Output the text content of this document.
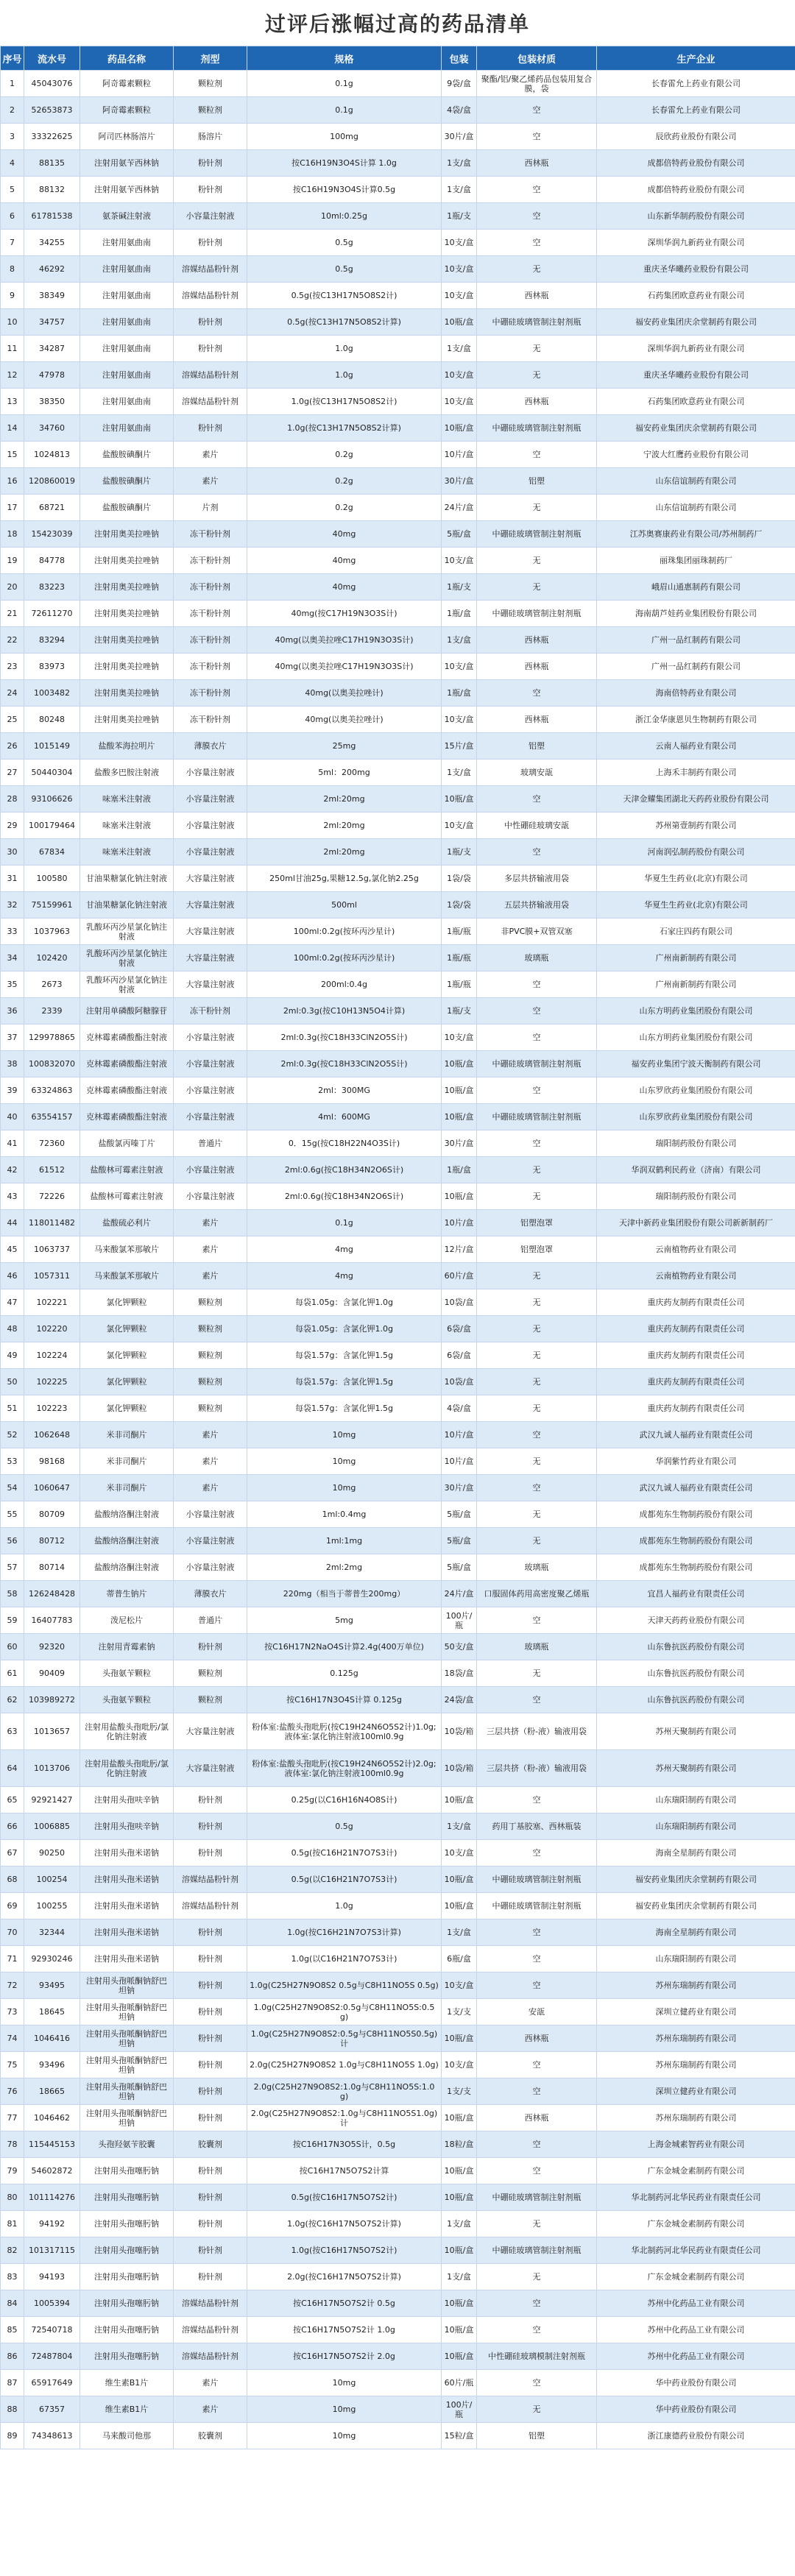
过评后涨幅过高的药品清单
序号	流水号	药品名称	剂型	规格	包装	包装材质	生产企业
1	45043076	阿奇霉素颗粒	颗粒剂	0.1g	9袋/盒	聚酯/铝/聚乙烯药品包装用复合膜，袋	长春雷允上药业有限公司
2	52653873	阿奇霉素颗粒	颗粒剂	0.1g	4袋/盒	空	长春雷允上药业有限公司
3	33322625	阿司匹林肠溶片	肠溶片	100mg	30片/盒	空	辰欣药业股份有限公司
4	88135	注射用氨苄西林钠	粉针剂	按C16H19N3O4S计算 1.0g	1支/盒	西林瓶	成都倍特药业股份有限公司
5	88132	注射用氨苄西林钠	粉针剂	按C16H19N3O4S计算0.5g	1支/盒	空	成都倍特药业股份有限公司
6	61781538	氨茶碱注射液	小容量注射液	10ml:0.25g	1瓶/支	空	山东新华制药股份有限公司
7	34255	注射用氨曲南	粉针剂	0.5g	10支/盒	空	深圳华润九新药业有限公司
8	46292	注射用氨曲南	溶媒结晶粉针剂	0.5g	10支/盒	无	重庆圣华曦药业股份有限公司
9	38349	注射用氨曲南	溶媒结晶粉针剂	0.5g(按C13H17N5O8S2计)	10支/盒	西林瓶	石药集团欧意药业有限公司
10	34757	注射用氨曲南	粉针剂	0.5g(按C13H17N5O8S2计算)	10瓶/盒	中硼硅玻璃管制注射剂瓶	福安药业集团庆余堂制药有限公司
11	34287	注射用氨曲南	粉针剂	1.0g	1支/盒	无	深圳华润九新药业有限公司
12	47978	注射用氨曲南	溶媒结晶粉针剂	1.0g	10支/盒	无	重庆圣华曦药业股份有限公司
13	38350	注射用氨曲南	溶媒结晶粉针剂	1.0g(按C13H17N5O8S2计)	10支/盒	西林瓶	石药集团欧意药业有限公司
14	34760	注射用氨曲南	粉针剂	1.0g(按C13H17N5O8S2计算)	10瓶/盒	中硼硅玻璃管制注射剂瓶	福安药业集团庆余堂制药有限公司
15	1024813	盐酸胺碘酮片	素片	0.2g	10片/盒	空	宁波大红鹰药业股份有限公司
16	120860019	盐酸胺碘酮片	素片	0.2g	30片/盒	铝塑	山东信谊制药有限公司
17	68721	盐酸胺碘酮片	片剂	0.2g	24片/盒	无	山东信谊制药有限公司
18	15423039	注射用奥美拉唑钠	冻干粉针剂	40mg	5瓶/盒	中硼硅玻璃管制注射剂瓶	江苏奥赛康药业有限公司/苏州制药厂
19	84778	注射用奥美拉唑钠	冻干粉针剂	40mg	10支/盒	无	丽珠集团丽珠制药厂
20	83223	注射用奥美拉唑钠	冻干粉针剂	40mg	1瓶/支	无	峨眉山通惠制药有限公司
21	72611270	注射用奥美拉唑钠	冻干粉针剂	40mg(按C17H19N3O3S计)	1瓶/盒	中硼硅玻璃管制注射剂瓶	海南葫芦娃药业集团股份有限公司
22	83294	注射用奥美拉唑钠	冻干粉针剂	40mg(以奥美拉唑C17H19N3O3S计)	1支/盒	西林瓶	广州一品红制药有限公司
23	83973	注射用奥美拉唑钠	冻干粉针剂	40mg(以奥美拉唑C17H19N3O3S计)	10支/盒	西林瓶	广州一品红制药有限公司
24	1003482	注射用奥美拉唑钠	冻干粉针剂	40mg(以奥美拉唑计)	1瓶/盒	空	海南倍特药业有限公司
25	80248	注射用奥美拉唑钠	冻干粉针剂	40mg(以奥美拉唑计)	10支/盒	西林瓶	浙江金华康恩贝生物制药有限公司
26	1015149	盐酸苯海拉明片	薄膜衣片	25mg	15片/盒	铝塑	云南人福药业有限公司
27	50440304	盐酸多巴胺注射液	小容量注射液	5ml：200mg	1支/盒	玻璃安瓿	上海禾丰制药有限公司
28	93106626	味塞米注射液	小容量注射液	2ml:20mg	10瓶/盒	空	天津金耀集团湖北天药药业股份有限公司
29	100179464	味塞米注射液	小容量注射液	2ml:20mg	10支/盒	中性硼硅玻璃安瓿	苏州第壹制药有限公司
30	67834	味塞米注射液	小容量注射液	2ml:20mg	1瓶/支	空	河南润弘制药股份有限公司
31	100580	甘油果糖氯化钠注射液	大容量注射液	250ml甘油25g,果糖12.5g,氯化钠2.25g	1袋/袋	多层共挤输液用袋	华夏生生药业(北京)有限公司
32	75159961	甘油果糖氯化钠注射液	大容量注射液	500ml	1袋/袋	五层共挤输液用袋	华夏生生药业(北京)有限公司
33	1037963	乳酸环丙沙星氯化钠注射液	大容量注射液	100ml:0.2g(按环丙沙星计)	1瓶/瓶	非PVC膜+双管双塞	石家庄四药有限公司
34	102420	乳酸环丙沙星氯化钠注射液	大容量注射液	100ml:0.2g(按环丙沙星计)	1瓶/瓶	玻璃瓶	广州南新制药有限公司
35	2673	乳酸环丙沙星氯化钠注射液	大容量注射液	200ml:0.4g	1瓶/瓶	空	广州南新制药有限公司
36	2339	注射用单磷酸阿糖腺苷	冻干粉针剂	2ml:0.3g(按C10H13N5O4计算)	1瓶/支	空	山东方明药业集团股份有限公司
37	129978865	克林霉素磷酸酯注射液	小容量注射液	2ml:0.3g(按C18H33ClN2O5S计)	10支/盒	空	山东方明药业集团股份有限公司
38	100832070	克林霉素磷酸酯注射液	小容量注射液	2ml:0.3g(按C18H33ClN2O5S计)	10瓶/盒	中硼硅玻璃管制注射剂瓶	福安药业集团宁波天衡制药有限公司
39	63324863	克林霉素磷酸酯注射液	小容量注射液	2ml：300MG	10瓶/盒	空	山东罗欣药业集团股份有限公司
40	63554157	克林霉素磷酸酯注射液	小容量注射液	4ml：600MG	10瓶/盒	中硼硅玻璃管制注射剂瓶	山东罗欣药业集团股份有限公司
41	72360	盐酸氯丙嗪丁片	普通片	0．15g(按C18H22N4O3S计)	30片/盒	空	瑞阳制药股份有限公司
42	61512	盐酸林可霉素注射液	小容量注射液	2ml:0.6g(按C18H34N2O6S计)	1瓶/盒	无	华润双鹤利民药业（济南）有限公司
43	72226	盐酸林可霉素注射液	小容量注射液	2ml:0.6g(按C18H34N2O6S计)	10瓶/盒	无	瑞阳制药股份有限公司
44	118011482	盐酸硫必利片	素片	0.1g	10片/盒	铝塑泡罩	天津中新药业集团股份有限公司新新制药厂
45	1063737	马来酸氯苯那敏片	素片	4mg	12片/盒	铝塑泡罩	云南植物药业有限公司
46	1057311	马来酸氯苯那敏片	素片	4mg	60片/盒	无	云南植物药业有限公司
47	102221	氯化钾颗粒	颗粒剂	每袋1.05g：含氯化钾1.0g	10袋/盒	无	重庆药友制药有限责任公司
48	102220	氯化钾颗粒	颗粒剂	每袋1.05g：含氯化钾1.0g	6袋/盒	无	重庆药友制药有限责任公司
49	102224	氯化钾颗粒	颗粒剂	每袋1.57g：含氯化钾1.5g	6袋/盒	无	重庆药友制药有限责任公司
50	102225	氯化钾颗粒	颗粒剂	每袋1.57g：含氯化钾1.5g	10袋/盒	无	重庆药友制药有限责任公司
51	102223	氯化钾颗粒	颗粒剂	每袋1.57g：含氯化钾1.5g	4袋/盒	无	重庆药友制药有限责任公司
52	1062648	米非司酮片	素片	10mg	10片/盒	空	武汉九诚人福药业有限责任公司
53	98168	米非司酮片	素片	10mg	10片/盒	无	华润紫竹药业有限公司
54	1060647	米非司酮片	素片	10mg	30片/盒	空	武汉九诚人福药业有限责任公司
55	80709	盐酸纳洛酮注射液	小容量注射液	1ml:0.4mg	5瓶/盒	无	成都苑东生物制药股份有限公司
56	80712	盐酸纳洛酮注射液	小容量注射液	1ml:1mg	5瓶/盒	无	成都苑东生物制药股份有限公司
57	80714	盐酸纳洛酮注射液	小容量注射液	2ml:2mg	5瓶/盒	玻璃瓶	成都苑东生物制药股份有限公司
58	126248428	蒂普生钠片	薄膜衣片	220mg（相当于蒂普生200mg）	24片/盒	口服固体药用高密度聚乙烯瓶	宜昌人福药业有限责任公司
59	16407783	泼尼松片	普通片	5mg	100片/瓶	空	天津天药药业股份有限公司
60	92320	注射用青霉素钠	粉针剂	按C16H17N2NaO4S计算2.4g(400万单位)	50支/盒	玻璃瓶	山东鲁抗医药股份有限公司
61	90409	头孢氨苄颗粒	颗粒剂	0.125g	18袋/盒	无	山东鲁抗医药股份有限公司
62	103989272	头孢氨苄颗粒	颗粒剂	按C16H17N3O4S计算 0.125g	24袋/盒	空	山东鲁抗医药股份有限公司
63	1013657	注射用盐酸头孢吡肟/氯化钠注射液	大容量注射液	粉体室:盐酸头孢吡肟(按C19H24N6O5S2计)1.0g;液体室:氯化钠注射液100ml0.9g	10袋/箱	三层共挤（粉-液）输液用袋	苏州天聚制药有限公司
64	1013706	注射用盐酸头孢吡肟/氯化钠注射液	大容量注射液	粉体室:盐酸头孢吡肟(按C19H24N6O5S2计)2.0g;液体室:氯化钠注射液100ml0.9g	10袋/箱	三层共挤（粉-液）输液用袋	苏州天聚制药有限公司
65	92921427	注射用头孢呋辛钠	粉针剂	0.25g(以C16H16N4O8S计)	10瓶/盒	空	山东瑞阳制药有限公司
66	1006885	注射用头孢呋辛钠	粉针剂	0.5g	1支/盒	药用丁基胶塞、西林瓶装	山东瑞阳制药有限公司
67	90250	注射用头孢米诺钠	粉针剂	0.5g(按C16H21N7O7S3计)	10支/盒	空	海南全星制药有限公司
68	100254	注射用头孢米诺钠	溶媒结晶粉针剂	0.5g(以C16H21N7O7S3计)	10瓶/盒	中硼硅玻璃管制注射剂瓶	福安药业集团庆余堂制药有限公司
69	100255	注射用头孢米诺钠	溶媒结晶粉针剂	1.0g	10瓶/盒	中硼硅玻璃管制注射剂瓶	福安药业集团庆余堂制药有限公司
70	32344	注射用头孢米诺钠	粉针剂	1.0g(按C16H21N7O7S3计算)	1支/盒	空	海南全星制药有限公司
71	92930246	注射用头孢米诺钠	粉针剂	1.0g(以C16H21N7O7S3计)	6瓶/盒	空	山东瑞阳制药有限公司
72	93495	注射用头孢哌酮钠舒巴坦钠	粉针剂	1.0g(C25H27N9O8S2 0.5g与C8H11NO5S 0.5g)	10支/盒	空	苏州东瑞制药有限公司
73	18645	注射用头孢哌酮钠舒巴坦钠	粉针剂	1.0g(C25H27N9O8S2:0.5g与C8H11NO5S:0.5g)	1支/支	安瓿	深圳立健药业有限公司
74	1046416	注射用头孢哌酮钠舒巴坦钠	粉针剂	1.0g(C25H27N9O8S2:0.5g与C8H11NO5S0.5g)计	10瓶/盒	西林瓶	苏州东瑞制药有限公司
75	93496	注射用头孢哌酮钠舒巴坦钠	粉针剂	2.0g(C25H27N9O8S2 1.0g与C8H11NO5S 1.0g)	10支/盒	空	苏州东瑞制药有限公司
76	18665	注射用头孢哌酮钠舒巴坦钠	粉针剂	2.0g(C25H27N9O8S2:1.0g与C8H11NO5S:1.0g)	1支/支	空	深圳立健药业有限公司
77	1046462	注射用头孢哌酮钠舒巴坦钠	粉针剂	2.0g(C25H27N9O8S2:1.0g与C8H11NO5S1.0g)计	10瓶/盒	西林瓶	苏州东瑞制药有限公司
78	115445153	头孢羟氨苄胶囊	胶囊剂	按C16H17N3O5S计，0.5g	18粒/盒	空	上海金城素智药业有限公司
79	54602872	注射用头孢噻肟钠	粉针剂	按C16H17N5O7S2计算	10瓶/盒	空	广东金城金素制药有限公司
80	101114276	注射用头孢噻肟钠	粉针剂	0.5g(按C16H17N5O7S2计)	10瓶/盒	中硼硅玻璃管制注射剂瓶	华北制药河北华民药业有限责任公司
81	94192	注射用头孢噻肟钠	粉针剂	1.0g(按C16H17N5O7S2计算)	1支/盒	无	广东金城金素制药有限公司
82	101317115	注射用头孢噻肟钠	粉针剂	1.0g(按C16H17N5O7S2计)	10瓶/盒	中硼硅玻璃管制注射剂瓶	华北制药河北华民药业有限责任公司
83	94193	注射用头孢噻肟钠	粉针剂	2.0g(按C16H17N5O7S2计算)	1支/盒	无	广东金城金素制药有限公司
84	1005394	注射用头孢噻肟钠	溶媒结晶粉针剂	按C16H17N5O7S2计 0.5g	10瓶/盒	空	苏州中化药品工业有限公司
85	72540718	注射用头孢噻肟钠	溶媒结晶粉针剂	按C16H17N5O7S2计 1.0g	10瓶/盒	空	苏州中化药品工业有限公司
86	72487804	注射用头孢噻肟钠	溶媒结晶粉针剂	按C16H17N5O7S2计 2.0g	10瓶/盒	中性硼硅玻璃模制注射剂瓶	苏州中化药品工业有限公司
87	65917649	维生素B1片	素片	10mg	60片/瓶	空	华中药业股份有限公司
88	67357	维生素B1片	素片	10mg	100片/瓶	无	华中药业股份有限公司
89	74348613	马来酸司他那	胶囊剂	10mg	15粒/盒	铝塑	浙江康德药业股份有限公司
